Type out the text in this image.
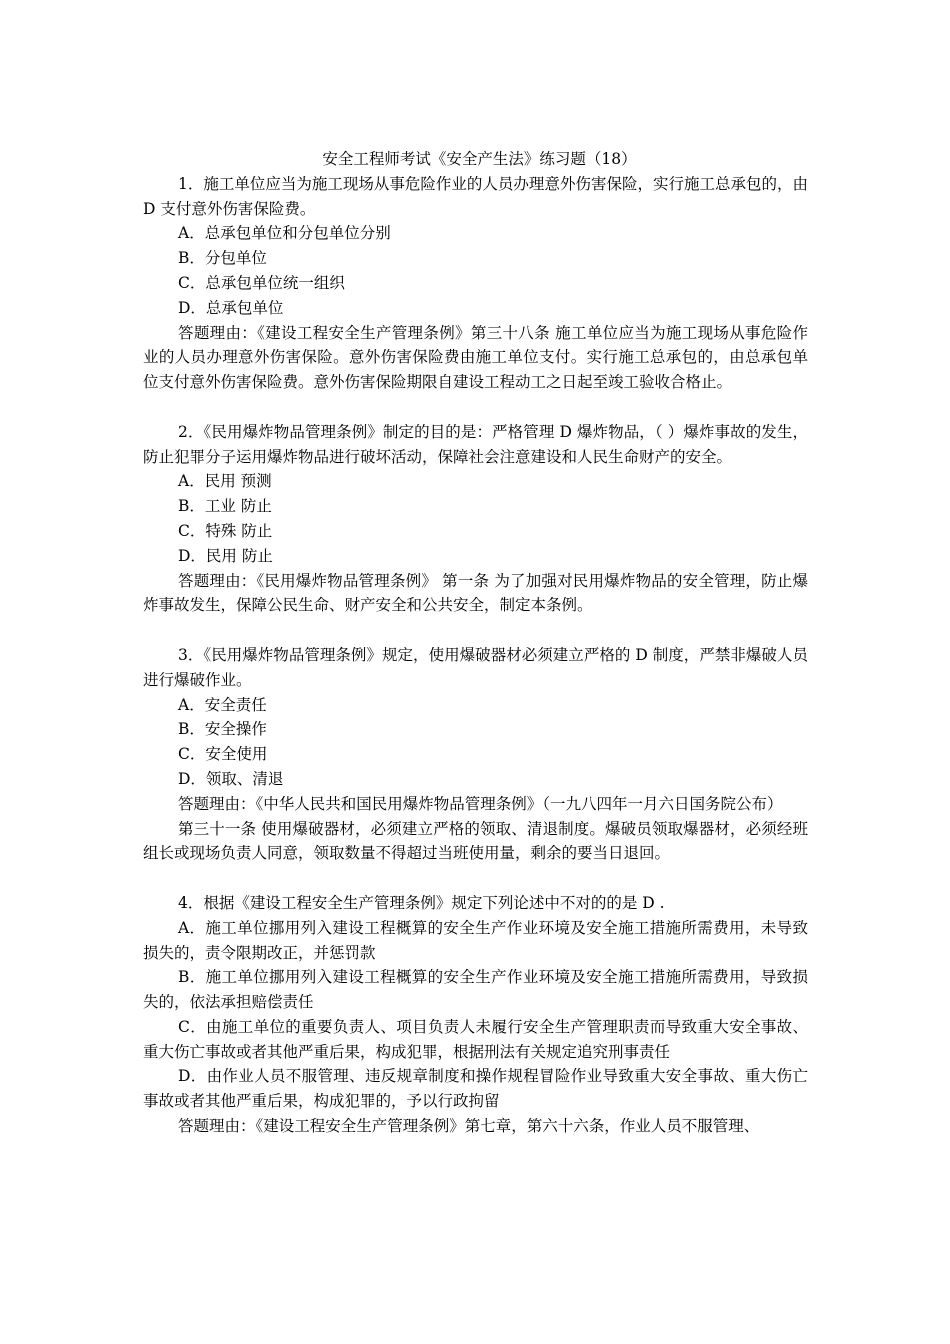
安全工程师考试《安全产生法》练习题（18）

1．施工单位应当为施工现场从事危险作业的人员办理意外伤害保险，实行施工总承包的，由 D 支付意外伤害保险费。

A．总承包单位和分包单位分别

B．分包单位

C．总承包单位统一组织

D．总承包单位

答题理由：《建设工程安全生产管理条例》第三十八条 施工单位应当为施工现场从事危险作业的人员办理意外伤害保险。意外伤害保险费由施工单位支付。实行施工总承包的，由总承包单位支付意外伤害保险费。意外伤害保险期限自建设工程动工之日起至竣工验收合格止。

2．《民用爆炸物品管理条例》制定的目的是：严格管理 D 爆炸物品，（ ）爆炸事故的发生，防止犯罪分子运用爆炸物品进行破坏活动，保障社会注意建设和人民生命财产的安全。

A．民用 预测

B．工业 防止

C．特殊 防止

D．民用 防止

答题理由：《民用爆炸物品管理条例》 第一条 为了加强对民用爆炸物品的安全管理，防止爆炸事故发生，保障公民生命、财产安全和公共安全，制定本条例。

3．《民用爆炸物品管理条例》规定，使用爆破器材必须建立严格的 D 制度，严禁非爆破人员进行爆破作业。

A．安全责任

B．安全操作

C．安全使用

D．领取、清退

答题理由：《中华人民共和国民用爆炸物品管理条例》（一九八四年一月六日国务院公布）

第三十一条 使用爆破器材，必须建立严格的领取、清退制度。爆破员领取爆器材，必须经班组长或现场负责人同意，领取数量不得超过当班使用量，剩余的要当日退回。

4．根据《建设工程安全生产管理条例》规定下列论述中不对的的是 D .

A．施工单位挪用列入建设工程概算的安全生产作业环境及安全施工措施所需费用，未导致损失的，责令限期改正，并惩罚款

B．施工单位挪用列入建设工程概算的安全生产作业环境及安全施工措施所需费用，导致损失的，依法承担赔偿责任

C．由施工单位的重要负责人、项目负责人未履行安全生产管理职责而导致重大安全事故、重大伤亡事故或者其他严重后果，构成犯罪，根据刑法有关规定追究刑事责任

D．由作业人员不服管理、违反规章制度和操作规程冒险作业导致重大安全事故、重大伤亡事故或者其他严重后果，构成犯罪的，予以行政拘留

答题理由：《建设工程安全生产管理条例》第七章，第六十六条，作业人员不服管理、
